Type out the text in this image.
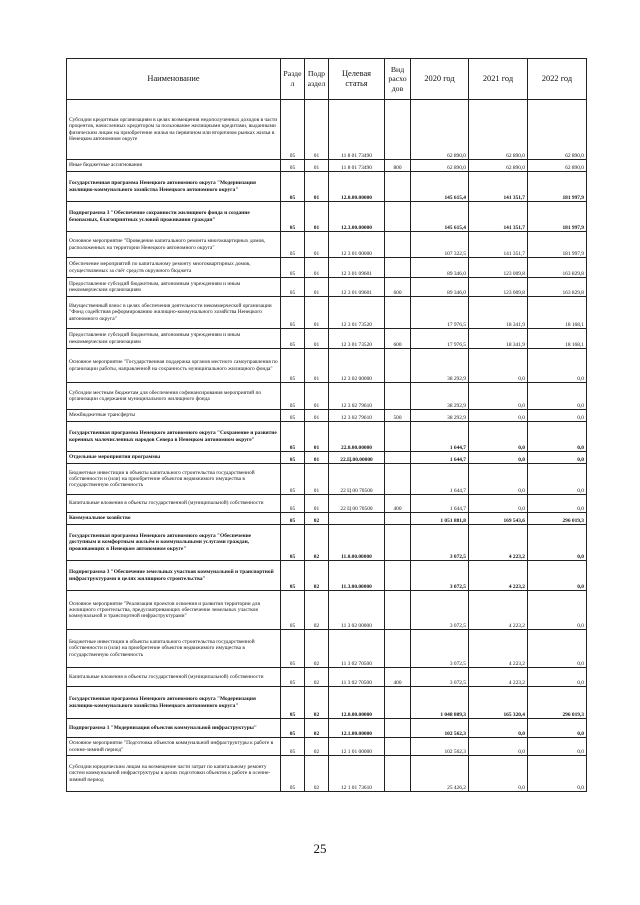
Наименование	Разде л	Подр аздел	Целевая статья	Вид расхо дов	2020 год	2021 год	2022 год
Субсидии кредитным организациям в целях возмещения недополученных доходов в части процентов, начисленных кредитором за пользование жилищными кредитами, выданными физическим лицам на приобретение жилья на первичном или вторичном рынках жилья в Ненецком автономном округе	05	01	11 8 01 73490		62 890,0	62 890,0	62 890,0
Иные бюджетные ассигнования	05	01	11 8 01 73490	800	62 890,0	62 890,0	62 890,0
Государственная программа Ненецкого автономного округа "Модернизация жилищно-коммунального хозяйства Ненецкого автономного округа"	05	01	12.0.00.00000		145 615,4	141 351,7	181 997,9
Подпрограмма 3 "Обеспечение сохранности жилищного фонда и создание безопасных, благоприятных условий проживания граждан"	05	01	12.3.00.00000		145 615,4	141 351,7	181 997,9
Основное мероприятие "Проведение капитального ремонта многоквартирных домов, расположенных на территории Ненецкого автономного округа"	05	01	12 3 01 00000		107 322,5	141 351,7	181 997,9
Обеспечение мероприятий по капитальному ремонту многоквартирных домов, осуществляемых за счёт средств окружного бюджета	05	01	12 3 01 09601		89 346,0	123 009,8	163 829,8
Предоставление субсидий бюджетным, автономным учреждениям и иным некоммерческим организациям	05	01	12 3 01 09601	600	89 346,0	123 009,8	163 829,8
Имущественный взнос в целях обеспечения деятельности некоммерческой организации "Фонд содействия реформированию жилищно-коммунального хозяйства Ненецкого автономного округа"	05	01	12 3 01 73520		17 976,5	18 341,9	18 168,1
Предоставление субсидий бюджетным, автономным учреждениям и иным некоммерческим организациям	05	01	12 3 01 73520	600	17 976,5	18 341,9	18 168,1
Основное мероприятие "Государственная поддержка органов местного самоуправления по организации работы, направленной на сохранность муниципального жилищного фонда"	05	01	12 3 02 00000		38 292,9	0,0	0,0
Субсидии местным бюджетам для обеспечения софинансирования мероприятий по организации содержания муниципального жилищного фонда	05	01	12 3 02 79610		38 292,9	0,0	0,0
Межбюджетные трансферты	05	01	12 3 02 79610	500	38 292,9	0,0	0,0
Государственная программа Ненецкого автономного округа "Сохранение и развитие коренных малочисленных народов Севера в Ненецком автономном округе"	05	01	22.0.00.00000		1 644,7	0,0	0,0
Отдельные мероприятия программы	05	01	22.Ц.00.00000		1 644,7	0,0	0,0
Бюджетные инвестиции в объекты капитального строительства государственной собственности и (или) на приобретение объектов недвижимого имущества в государственную собственность	05	01	22 Ц 00 70500		1 644,7	0,0	0,0
Капитальные вложения в объекты государственной (муниципальной) собственности	05	01	22 Ц 00 70500	400	1 644,7	0,0	0,0
Коммунальное хозяйство	05	02			1 051 881,8	169 543,6	296 019,3
Государственная программа Ненецкого автономного округа "Обеспечение доступным и комфортным жильём и коммунальными услугами граждан, проживающих в Ненецком автономном округе"	05	02	11.0.00.00000		3 072,5	4 223,2	0,0
Подпрограмма 3 "Обеспечение земельных участков коммунальной и транспортной инфраструктурами в целях жилищного строительства"	05	02	11.3.00.00000		3 072,5	4 223,2	0,0
Основное мероприятие "Реализация проектов освоения и развития территории для жилищного строительства, предусматривающих обеспечение земельных участков коммунальной и транспортной инфраструктурами"	05	02	11 3 02 00000		3 072,5	4 223,2	0,0
Бюджетные инвестиции в объекты капитального строительства государственной собственности и (или) на приобретение объектов недвижимого имущества в государственную собственность	05	02	11 3 02 70500		3 072,5	4 223,2	0,0
Капитальные вложения в объекты государственной (муниципальной) собственности	05	02	11 3 02 70500	400	3 072,5	4 223,2	0,0
Государственная программа Ненецкого автономного округа "Модернизация жилищно-коммунального хозяйства Ненецкого автономного округа"	05	02	12.0.00.00000		1 048 809,3	165 320,4	296 019,3
Подпрограмма 1 "Модернизация объектов коммунальной инфраструктуры"	05	02	12.1.00.00000		102 562,3	0,0	0,0
Основное мероприятие "Подготовка объектов коммунальной инфраструктуры к работе в осенне-зимний период"	05	02	12 1 01 00000		102 562,3	0,0	0,0
Субсидии юридическим лицам на возмещение части затрат по капитальному ремонту систем коммунальной инфраструктуры в целях подготовки объектов к работе в осенне-зимний период	05	02	12 1 01 73610		25 426,2	0,0	0,0
25
